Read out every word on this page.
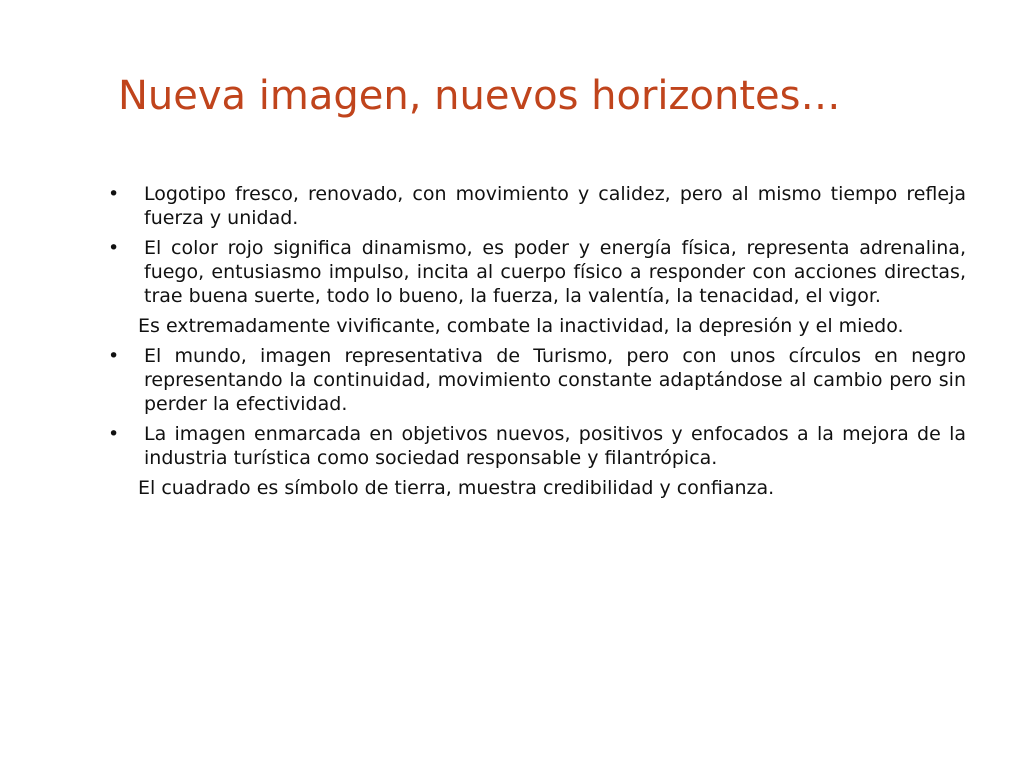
Nueva imagen, nuevos horizontes…
•	Logotipo fresco, renovado, con movimiento y calidez, pero al mismo tiempo refleja fuerza y unidad.
•	El color rojo significa dinamismo, es poder y energía física, representa adrenalina, fuego, entusiasmo impulso, incita al cuerpo físico a responder con acciones directas, trae buena suerte, todo lo bueno, la fuerza, la valentía, la tenacidad, el vigor.
Es extremadamente vivificante, combate la inactividad, la depresión y el miedo.
•	El mundo, imagen representativa de Turismo, pero con unos círculos en negro representando la continuidad, movimiento constante adaptándose al cambio pero sin perder la efectividad.
•	La imagen enmarcada en objetivos nuevos, positivos y enfocados a la mejora de la industria turística como sociedad responsable y filantrópica.
El cuadrado es símbolo de tierra, muestra credibilidad y confianza.
